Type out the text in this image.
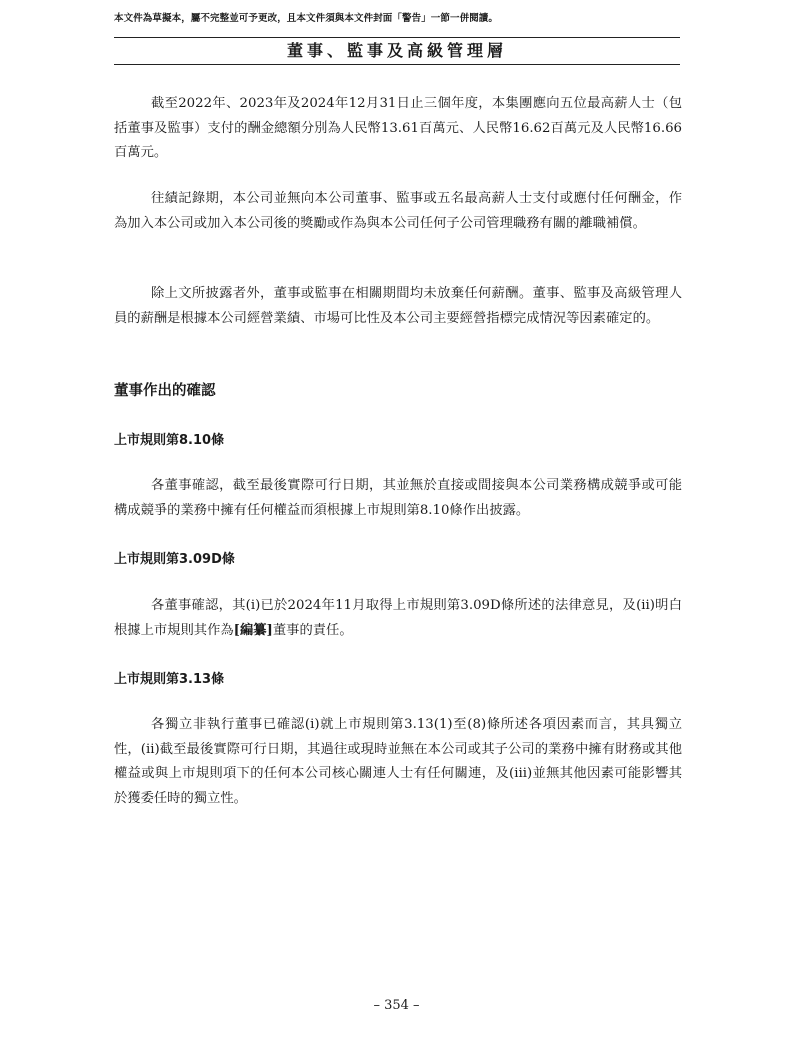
本文件為草擬本，屬不完整並可予更改，且本文件須與本文件封面「警告」一節一併閱讀。
董事、監事及高級管理層

截至2022年、2023年及2024年12月31日止三個年度，本集團應向五位最高薪人士（包括董事及監事）支付的酬金總額分別為人民幣13.61百萬元、人民幣16.62百萬元及人民幣16.66百萬元。

往績記錄期，本公司並無向本公司董事、監事或五名最高薪人士支付或應付任何酬金，作為加入本公司或加入本公司後的獎勵或作為與本公司任何子公司管理職務有關的離職補償。

除上文所披露者外，董事或監事在相關期間均未放棄任何薪酬。董事、監事及高級管理人員的薪酬是根據本公司經營業績、市場可比性及本公司主要經營指標完成情況等因素確定的。

董事作出的確認
上市規則第8.10條

各董事確認，截至最後實際可行日期，其並無於直接或間接與本公司業務構成競爭或可能構成競爭的業務中擁有任何權益而須根據上市規則第8.10條作出披露。

上市規則第3.09D條

各董事確認，其(i)已於2024年11月取得上市規則第3.09D條所述的法律意見，及(ii)明白根據上市規則其作為[編纂]董事的責任。

上市規則第3.13條

各獨立非執行董事已確認(i)就上市規則第3.13(1)至(8)條所述各項因素而言，其具獨立性，(ii)截至最後實際可行日期，其過往或現時並無在本公司或其子公司的業務中擁有財務或其他權益或與上市規則項下的任何本公司核心關連人士有任何關連，及(iii)並無其他因素可能影響其於獲委任時的獨立性。

– 354 –
